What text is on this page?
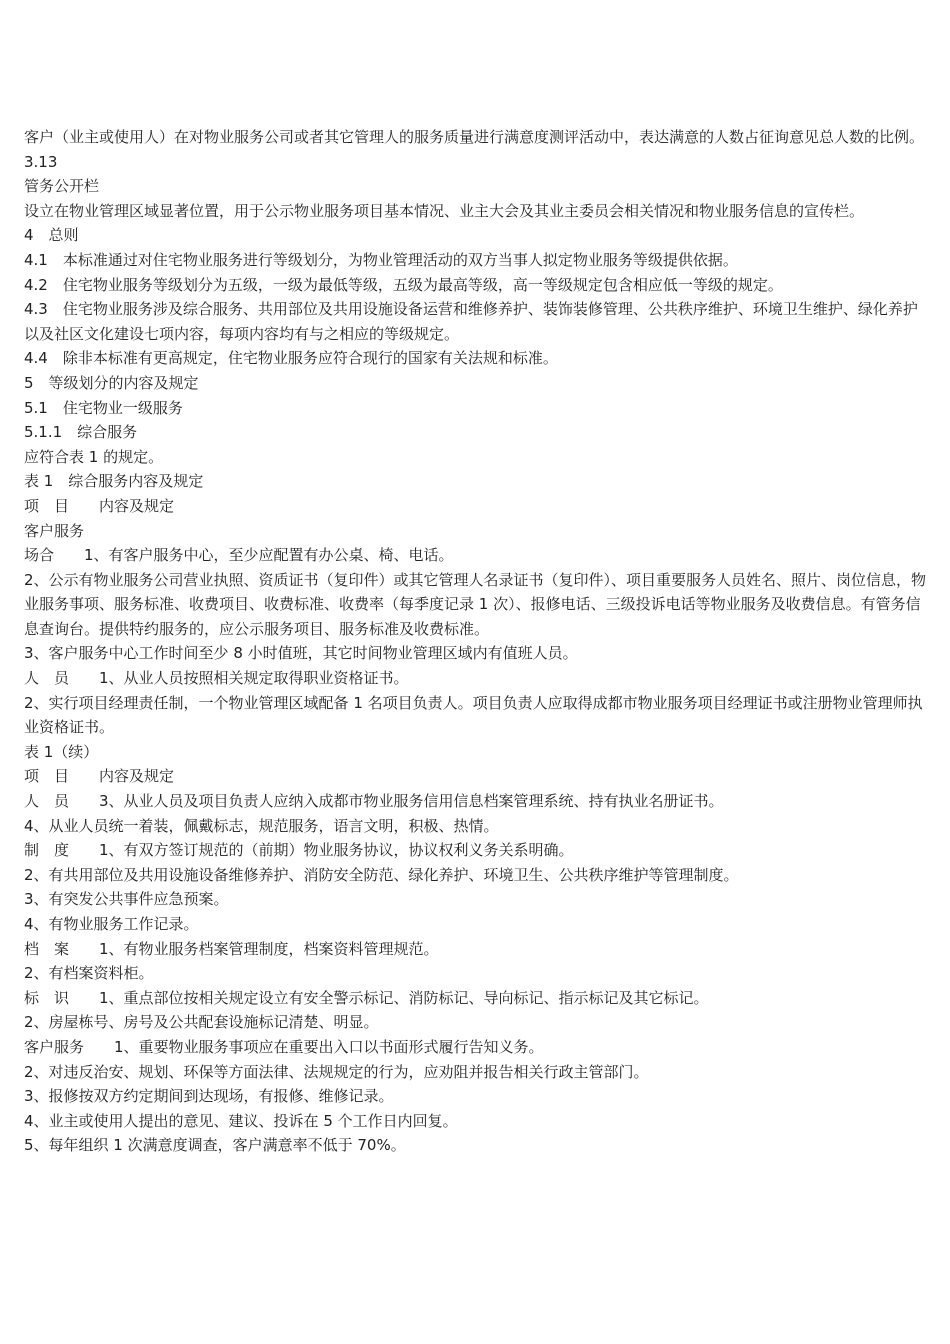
客户（业主或使用人）在对物业服务公司或者其它管理人的服务质量进行满意度测评活动中，表达满意的人数占征询意见总人数的比例。

3.13

管务公开栏

设立在物业管理区域显著位置，用于公示物业服务项目基本情况、业主大会及其业主委员会相关情况和物业服务信息的宣传栏。

4　总则

4.1　本标准通过对住宅物业服务进行等级划分，为物业管理活动的双方当事人拟定物业服务等级提供依据。

4.2　住宅物业服务等级划分为五级，一级为最低等级，五级为最高等级，高一等级规定包含相应低一等级的规定。

4.3　住宅物业服务涉及综合服务、共用部位及共用设施设备运营和维修养护、装饰装修管理、公共秩序维护、环境卫生维护、绿化养护以及社区文化建设七项内容，每项内容均有与之相应的等级规定。

4.4　除非本标准有更高规定，住宅物业服务应符合现行的国家有关法规和标准。

5　等级划分的内容及规定

5.1　住宅物业一级服务

5.1.1　综合服务

应符合表 1 的规定。

表 1　综合服务内容及规定

项　目　　内容及规定

客户服务

场合　　1、有客户服务中心，至少应配置有办公桌、椅、电话。

2、公示有物业服务公司营业执照、资质证书（复印件）或其它管理人名录证书（复印件）、项目重要服务人员姓名、照片、岗位信息，物业服务事项、服务标准、收费项目、收费标准、收费率（每季度记录 1 次）、报修电话、三级投诉电话等物业服务及收费信息。有管务信息查询台。提供特约服务的，应公示服务项目、服务标准及收费标准。

3、客户服务中心工作时间至少 8 小时值班，其它时间物业管理区域内有值班人员。

人　员　　1、从业人员按照相关规定取得职业资格证书。

2、实行项目经理责任制，一个物业管理区域配备 1 名项目负责人。项目负责人应取得成都市物业服务项目经理证书或注册物业管理师执业资格证书。

表 1（续）

项　目　　内容及规定

人　员　　3、从业人员及项目负责人应纳入成都市物业服务信用信息档案管理系统、持有执业名册证书。

4、从业人员统一着装，佩戴标志，规范服务，语言文明，积极、热情。

制　度　　1、有双方签订规范的（前期）物业服务协议，协议权利义务关系明确。

2、有共用部位及共用设施设备维修养护、消防安全防范、绿化养护、环境卫生、公共秩序维护等管理制度。

3、有突发公共事件应急预案。

4、有物业服务工作记录。

档　案　　1、有物业服务档案管理制度，档案资料管理规范。

2、有档案资料柜。

标　识　　1、重点部位按相关规定设立有安全警示标记、消防标记、导向标记、指示标记及其它标记。

2、房屋栋号、房号及公共配套设施标记清楚、明显。

客户服务　　1、重要物业服务事项应在重要出入口以书面形式履行告知义务。

2、对违反治安、规划、环保等方面法律、法规规定的行为，应劝阻并报告相关行政主管部门。

3、报修按双方约定期间到达现场，有报修、维修记录。

4、业主或使用人提出的意见、建议、投诉在 5 个工作日内回复。

5、每年组织 1 次满意度调查，客户满意率不低于 70%。
